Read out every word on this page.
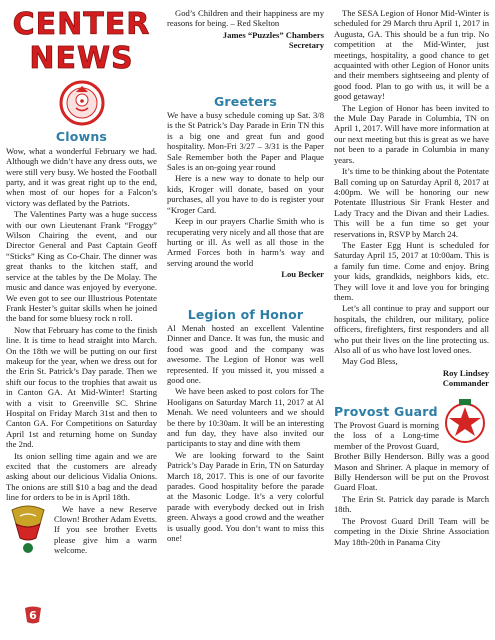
CENTER
NEWS
Clowns

Wow, what a wonderful February we had. Although we didn’t have any dress outs, we were still very busy. We hosted the Football party, and it was great right up to the end, when most of our hopes for a Falcon’s victory was deflated by the Patriots.

The Valentines Party was a huge success with our own Lieutenant Frank “Froggy” Wilson Chairing the event, and our Director General and Past Captain Geoff “Sticks” King as Co-Chair. The dinner was great thanks to the kitchen staff, and service at the tables by the De Molay. The music and dance was enjoyed by everyone. We even got to see our Illustrious Potentate Frank Hester’s guitar skills when he joined the band for some bluesy rock n roll.

Now that February has come to the finish line. It is time to head straight into March. On the 18th we will be putting on our first makeup for the year, when we dress out for the Erin St. Patrick’s Day parade. Then we shift our focus to the trophies that await us in Canton GA. At Mid-Winter! Starting with a visit to Greenville SC. Shrine Hospital on Friday March 31st and then to Canton GA. For Competitions on Saturday April 1st and returning home on Sunday the 2nd.

Its onion selling time again and we are excited that the customers are already asking about our delicious Vidalia Onions. The onions are still $10 a bag and the dead line for orders to be in is April 18th.

We have a new Reserve Clown! Brother Adam Evetts. If you see brother Evetts please give him a warm welcome.

God’s Children and their happiness are my reasons for being. – Red Skelton

James “Puzzles” Chambers
Secretary
Greeters

We have a busy schedule coming up Sat. 3/8 is the St Patrick’s Day Parade in Erin TN this is a big one and great fun and good hospitality. Mon-Fri 3/27 – 3/31 is the Paper Sale Remember both the Paper and Plaque Sales is an on-going year round

Here is a new way to donate to help our kids, Kroger will donate, based on your purchases, all you have to do is register your “Kroger Card.

Keep in our prayers Charlie Smith who is recuperating very nicely and all those that are hurting or ill. As well as all those in the Armed Forces both in harm’s way and serving around the world

Lou Becker
Legion of Honor

Al Menah hosted an excellent Valentine Dinner and Dance. It was fun, the music and food was good and the company was awesome. The Legion of Honor was well represented. If you missed it, you missed a good one.

We have been asked to post colors for The Hooligans on Saturday March 11, 2017 at Al Menah. We need volunteers and we should be there by 10:30am. It will be an interesting and fun day, they have also invited our participants to stay and dine with them

We are looking forward to the Saint Patrick’s Day Parade in Erin, TN on Saturday March 18, 2017. This is one of our favorite parades. Good hospitality before the parade at the Masonic Lodge. It’s a very colorful parade with everybody decked out in Irish green. Always a good crowd and the weather is usually good. You don’t want to miss this one!

The SESA Legion of Honor Mid-Winter is scheduled for 29 March thru April 1, 2017 in Augusta, GA. This should be a fun trip. No competition at the Mid-Winter, just meetings, hospitality, a good chance to get acquainted with other Legion of Honor units and their members sightseeing and plenty of good food. Plan to go with us, it will be a good getaway!

The Legion of Honor has been invited to the Mule Day Parade in Columbia, TN on April 1, 2017. Will have more information at our next meeting but this is great as we have not been to a parade in Columbia in many years.

It’s time to be thinking about the Potentate Ball coming up on Saturday April 8, 2017 at 4:00pm. We will be honoring our new Potentate Illustrious Sir Frank Hester and Lady Tracy and the Divan and their Ladies. This will be a fun time so get your reservations in, RSVP by March 24.

The Easter Egg Hunt is scheduled for Saturday April 15, 2017 at 10:00am. This is a family fun time. Come and enjoy. Bring your kids, grandkids, neighbors kids, etc. They will love it and love you for bringing them.

Let’s all continue to pray and support our hospitals, the children, our military, police officers, firefighters, first responders and all who put their lives on the line protecting us. Also all of us who have lost loved ones.

May God Bless,

Roy Lindsey
Commander
Provost Guard

The Provost Guard is morning the loss of a Long-time member of the Provost Guard, Brother Billy Henderson. Billy was a good Mason and Shriner. A plaque in memory of Billy Henderson will be put on the Provost Guard Float.

The Erin St. Patrick day parade is March 18th.

The Provost Guard Drill Team will be competing in the Dixie Shrine Association May 18th-20th in Panama City

6
